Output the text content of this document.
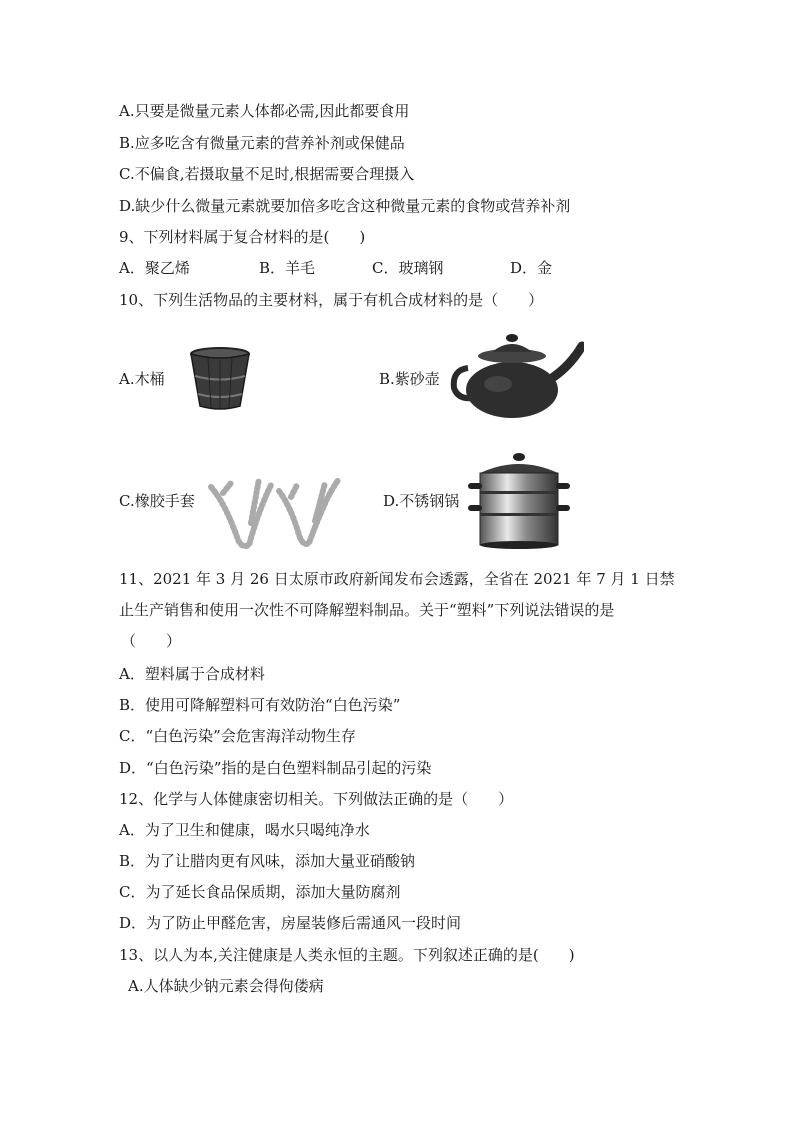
A.只要是微量元素人体都必需,因此都要食用
B.应多吃含有微量元素的营养补剂或保健品
C.不偏食,若摄取量不足时,根据需要合理摄入
D.缺少什么微量元素就要加倍多吃含这种微量元素的食物或营养补剂
9、下列材料属于复合材料的是(　　)
A．聚乙烯	B．羊毛	C．玻璃钢	D．金
10、下列生活物品的主要材料，属于有机合成材料的是（　　）
A.木桶	B.紫砂壶
C.橡胶手套	D.不锈钢锅
11、2021 年 3 月 26 日太原市政府新闻发布会透露，全省在 2021 年 7 月 1 日禁
止生产销售和使用一次性不可降解塑料制品。关于“塑料”下列说法错误的是
（　　）
A．塑料属于合成材料
B．使用可降解塑料可有效防治“白色污染”
C．“白色污染”会危害海洋动物生存
D．“白色污染”指的是白色塑料制品引起的污染
12、化学与人体健康密切相关。下列做法正确的是（　　）
A．为了卫生和健康，喝水只喝纯净水
B．为了让腊肉更有风味，添加大量亚硝酸钠
C．为了延长食品保质期，添加大量防腐剂
D．为了防止甲醛危害，房屋装修后需通风一段时间
13、以人为本,关注健康是人类永恒的主题。下列叙述正确的是(　　)
A.人体缺少钠元素会得佝偻病
